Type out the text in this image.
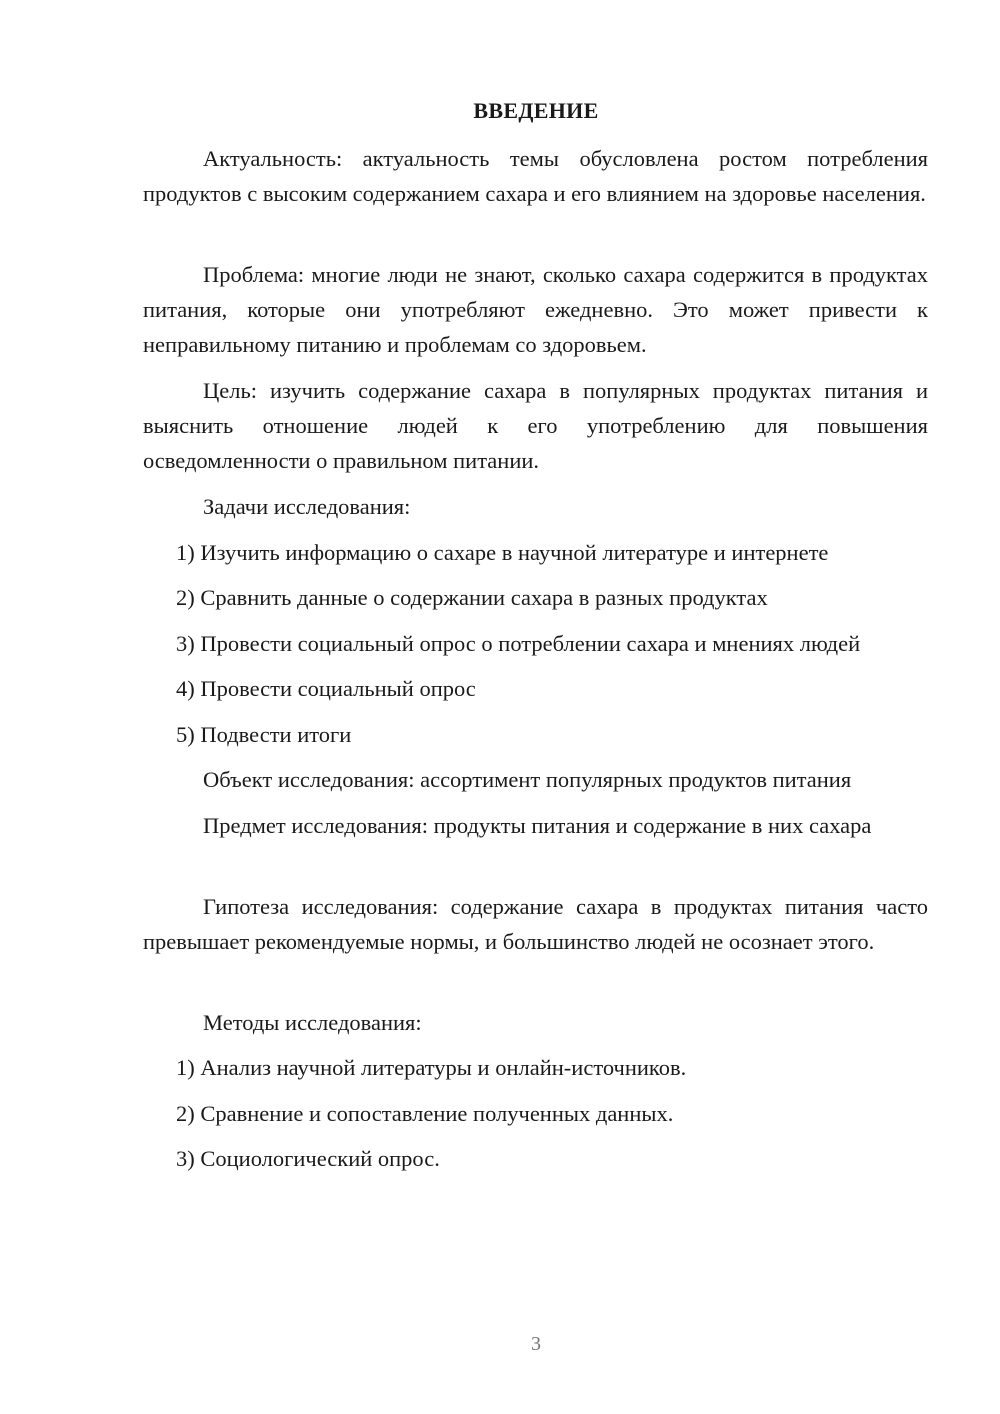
ВВЕДЕНИЕ
Актуальность: актуальность темы обусловлена ростом потребления продуктов с высоким содержанием сахара и его влиянием на здоровье населения.
Проблема: многие люди не знают, сколько сахара содержится в продуктах питания, которые они употребляют ежедневно. Это может привести к неправильному питанию и проблемам со здоровьем.
Цель: изучить содержание сахара в популярных продуктах питания и выяснить отношение людей к его употреблению для повышения осведомленности о правильном питании.
Задачи исследования:
1) Изучить информацию о сахаре в научной литературе и интернете
2) Сравнить данные о содержании сахара в разных продуктах
3) Провести социальный опрос о потреблении сахара и мнениях людей
4) Провести социальный опрос
5) Подвести итоги
Объект исследования: ассортимент популярных продуктов питания
Предмет исследования: продукты питания и содержание в них сахара
Гипотеза исследования: содержание сахара в продуктах питания часто превышает рекомендуемые нормы, и большинство людей не осознает этого.
Методы исследования:
1) Анализ научной литературы и онлайн-источников.
2) Сравнение и сопоставление полученных данных.
3) Социологический опрос.
3
